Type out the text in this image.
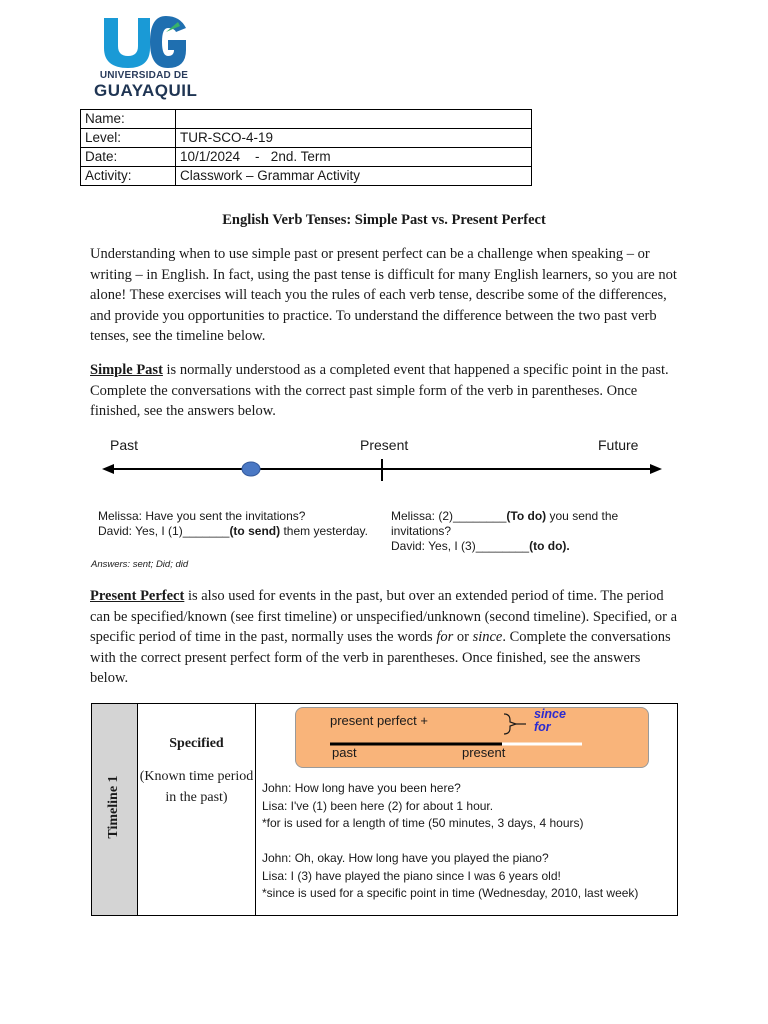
UNIVERSIDAD DE
GUAYAQUIL
Name:	
Level:	TUR-SCO-4-19
Date:	10/1/2024    -   2nd. Term
Activity:	Classwork – Grammar Activity
English Verb Tenses: Simple Past vs. Present Perfect

Understanding when to use simple past or present perfect can be a challenge when speaking – or writing – in English. In fact, using the past tense is difficult for many English learners, so you are not alone! These exercises will teach you the rules of each verb tense, describe some of the differences, and provide you opportunities to practice. To understand the difference between the two past verb tenses, see the timeline below.

Simple Past is normally understood as a completed event that happened a specific point in the past. Complete the conversations with the correct past simple form of the verb in parentheses. Once finished, see the answers below.

Past	Present	Future
Melissa: Have you sent the invitations?
David: Yes, I (1)_______(to send) them yesterday.
Melissa: (2)________(To do) you send the
invitations?
David: Yes, I (3)________(to do).
Answers: sent; Did; did

Present Perfect is also used for events in the past, but over an extended period of time. The period can be specified/known (see first timeline) or unspecified/unknown (second timeline). Specified, or a specific period of time in the past, normally uses the words for or since. Complete the conversations with the correct present perfect form of the verb in parentheses. Once finished, see the answers below.

Timeline 1
Specified
(Known time period in the past)
present perfect +	since
for
past	present
John: How long have you been here?
Lisa: I've (1) been here (2) for about 1 hour.
*for is used for a length of time (50 minutes, 3 days, 4 hours)
John: Oh, okay. How long have you played the piano?
Lisa: I (3) have played the piano since I was 6 years old!
*since is used for a specific point in time (Wednesday, 2010, last week)
